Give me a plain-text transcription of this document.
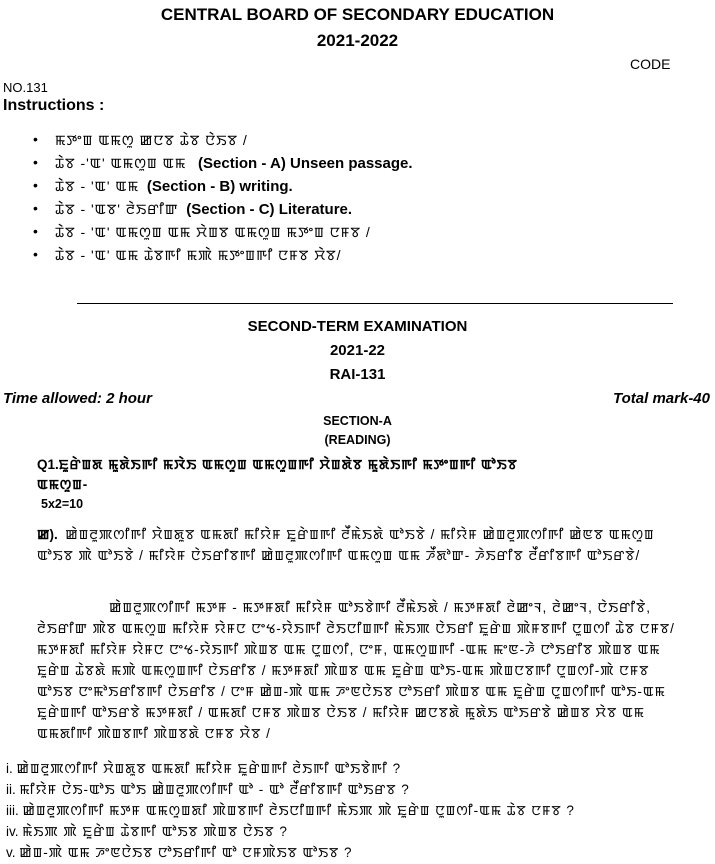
CENTRAL BOARD OF SECONDARY EDUCATION
2021-2022
CODE
NO.131
Instructions :
• ꯃꯇꯦꯡ ꯑꯃꯁꯨ ꯀꯅꯕ ꯊꯥꯕ ꯅꯥꯏꯕ /
• ꯊꯥꯕ -'ꯑ' ꯑꯃꯁꯨꯡ ꯑꯃ (Section - A) Unseen passage.
• ꯊꯥꯕ - 'ꯑ' ꯑꯃ (Section - B) writing.
• ꯊꯥꯕ - 'ꯑꯕ' ꯂꯥꯏꯔꯤꯛ (Section - C) Literature.
• ꯊꯥꯕ - 'ꯑ' ꯑꯃꯁꯨꯡ ꯑꯃ ꯆꯥꯡꯕ ꯑꯃꯁꯨꯡ ꯃꯇꯦꯡ ꯅꯝꯕ /
• ꯊꯥꯕ - 'ꯑ' ꯑꯃ ꯊꯥꯕꯒꯤ ꯃꯄꯥ ꯃꯇꯦꯡꯒꯤ ꯅꯝꯕ ꯆꯥꯕ/
SECOND-TERM EXAMINATION
2021-22
RAI-131
Time allowed: 2 hour	Total mark-40
SECTION-A
(READING)
Q1.ꯐꯨꯔꯥꯡꯗ ꯃꯨꯗꯥꯏꯒꯤ ꯃꯋꯥꯏ ꯑꯃꯁꯨꯡ ꯑꯃꯁꯨꯡꯒꯤ ꯆꯥꯡꯗꯥꯕ ꯃꯨꯗꯥꯏꯒꯤ ꯃꯇꯦꯡꯒꯤ ꯑꯣꯏꯕ
ꯑꯃꯁꯨꯡ-
5x2=10
ꯀ). ꯀꯥꯡꯂꯨꯄꯁꯤꯒꯤ ꯆꯥꯡꯗꯨꯕ ꯑꯃꯗꯤ ꯃꯤꯌꯥꯝ ꯐꯨꯔꯥꯡꯒꯤ ꯂꯩꯃꯥꯏꯗꯥ ꯑꯣꯏꯕꯥ / ꯃꯤꯌꯥꯝ ꯀꯥꯡꯂꯨꯄꯁꯤꯒꯤ ꯀꯥꯟꯕ ꯑꯃꯁꯨꯡ ꯑꯣꯏꯕ ꯄꯥ ꯑꯣꯏꯕꯥ / ꯃꯤꯌꯥꯝ ꯅꯥꯏꯔꯤꯕꯒꯤ ꯀꯥꯡꯂꯨꯄꯁꯤꯒꯤ ꯑꯃꯁꯨꯡ ꯑꯃ ꯍꯩꯗꯣꯛ- ꯍꯥꯏꯔꯤꯕ ꯂꯩꯔꯤꯕꯒꯤ ꯑꯣꯏꯔꯕꯥ/
ꯀꯥꯡꯂꯨꯄꯁꯤꯒꯤ ꯃꯇꯝ - ꯃꯇꯝꯗꯤ ꯃꯤꯌꯥꯝ ꯑꯣꯏꯕꯥꯒꯤ ꯂꯩꯃꯥꯏꯗꯥ / ꯃꯇꯝꯗꯤ ꯂꯥꯀꯦꯜ, ꯂꯥꯀꯦꯜ, ꯅꯥꯏꯔꯤꯕꯥ, ꯂꯥꯏꯔꯤꯛ ꯄꯥꯕ ꯑꯃꯁꯨꯡ ꯃꯤꯌꯥꯝ ꯌꯥꯝꯅ ꯅꯦꯠ-ꯌꯥꯏꯒꯤ ꯂꯥꯏꯅꯤꯡꯒꯤ ꯃꯥꯏꯄ ꯅꯥꯏꯔꯤ ꯐꯨꯔꯥꯡ ꯄꯥꯝꯕꯒꯤ ꯅꯨꯡꯁꯤ ꯊꯥꯕ ꯅꯝꯕ/ ꯃꯇꯝꯗꯤ ꯃꯤꯌꯥꯝ ꯌꯥꯝꯅ ꯅꯦꯠ-ꯌꯥꯏꯒꯤ ꯄꯥꯡꯕ ꯑꯃ ꯅꯨꯡꯁꯤ, ꯅꯦꯝ, ꯑꯃꯁꯨꯡꯒꯤ -ꯑꯃ ꯃꯦꯟ-ꯍꯥ ꯅꯣꯏꯔꯤꯕ ꯄꯥꯡꯕ ꯑꯃ ꯐꯨꯔꯥꯡ ꯊꯥꯕꯗꯥ ꯃꯄꯥ ꯑꯃꯁꯨꯡꯒꯤ ꯅꯥꯏꯔꯤꯕ / ꯃꯇꯝꯗꯤ ꯄꯥꯡꯕ ꯑꯃ ꯐꯨꯔꯥꯡ ꯑꯣꯏ-ꯑꯃ ꯄꯥꯡꯅꯕꯒꯤ ꯅꯨꯡꯁꯤ-ꯄꯥ ꯅꯝꯕ ꯑꯣꯏꯕ ꯅꯦꯃꯣꯏꯔꯤꯕꯒꯤ ꯅꯥꯏꯔꯤꯕ / ꯅꯦꯝ ꯀꯥꯡ-ꯄꯥ ꯑꯃ ꯍꯦꯟꯅꯥꯏꯕ ꯅꯣꯏꯔꯤ ꯄꯥꯡꯕ ꯑꯃ ꯐꯨꯔꯥꯡ ꯅꯨꯡꯁꯤꯒꯤ ꯑꯣꯏ-ꯑꯃ ꯐꯨꯔꯥꯡꯒꯤ ꯑꯣꯏꯔꯕꯥ ꯃꯇꯝꯗꯤ / ꯑꯃꯗꯤ ꯅꯝꯕ ꯄꯥꯡꯕ ꯅꯥꯏꯕ / ꯃꯤꯌꯥꯝ ꯀꯅꯕꯗꯥ ꯃꯨꯗꯥꯏ ꯑꯣꯏꯔꯕꯥ ꯀꯥꯡꯕ ꯆꯥꯕ ꯑꯃ ꯑꯃꯗꯤꯒꯤ ꯄꯥꯡꯕꯒꯤ ꯄꯥꯡꯕꯗꯥ ꯅꯝꯕ ꯆꯥꯕ /
i. ꯀꯥꯡꯂꯨꯄꯁꯤꯒꯤ ꯆꯥꯡꯗꯨꯕ ꯑꯃꯗꯤ ꯃꯤꯌꯥꯝ ꯐꯨꯔꯥꯡꯒꯤ ꯂꯥꯏꯒꯤ ꯑꯣꯏꯕꯥꯒꯤ ?
ii. ꯃꯤꯌꯥꯝ ꯅꯥꯏ-ꯑꯣꯏ ꯑꯣꯏ ꯀꯥꯡꯂꯨꯄꯁꯤꯒꯤ ꯑꯣ - ꯑꯣ ꯂꯩꯔꯤꯕꯒꯤ ꯑꯣꯏꯔꯕ ?
iii. ꯀꯥꯡꯂꯨꯄꯁꯤꯒꯤ ꯃꯇꯝ ꯑꯃꯁꯨꯡꯗꯤ ꯄꯥꯡꯕꯒꯤ ꯂꯥꯏꯅꯤꯡꯒꯤ ꯃꯥꯏꯄ ꯄꯥ ꯐꯨꯔꯥꯡ ꯅꯨꯡꯁꯤ-ꯑꯃ ꯊꯥꯕ ꯅꯝꯕ ?
iv. ꯃꯥꯏꯄ ꯄꯥ ꯐꯨꯔꯥꯡ ꯊꯥꯕꯒꯤ ꯑꯣꯏꯕ ꯄꯥꯡꯕ ꯅꯥꯏꯕ ?
v. ꯀꯥꯡ-ꯄꯥ ꯑꯃ ꯍꯦꯟꯅꯥꯏꯕ ꯅꯣꯏꯔꯤꯒꯤ ꯑꯣ ꯅꯝꯄꯥꯏꯕ ꯑꯣꯏꯕ ?
